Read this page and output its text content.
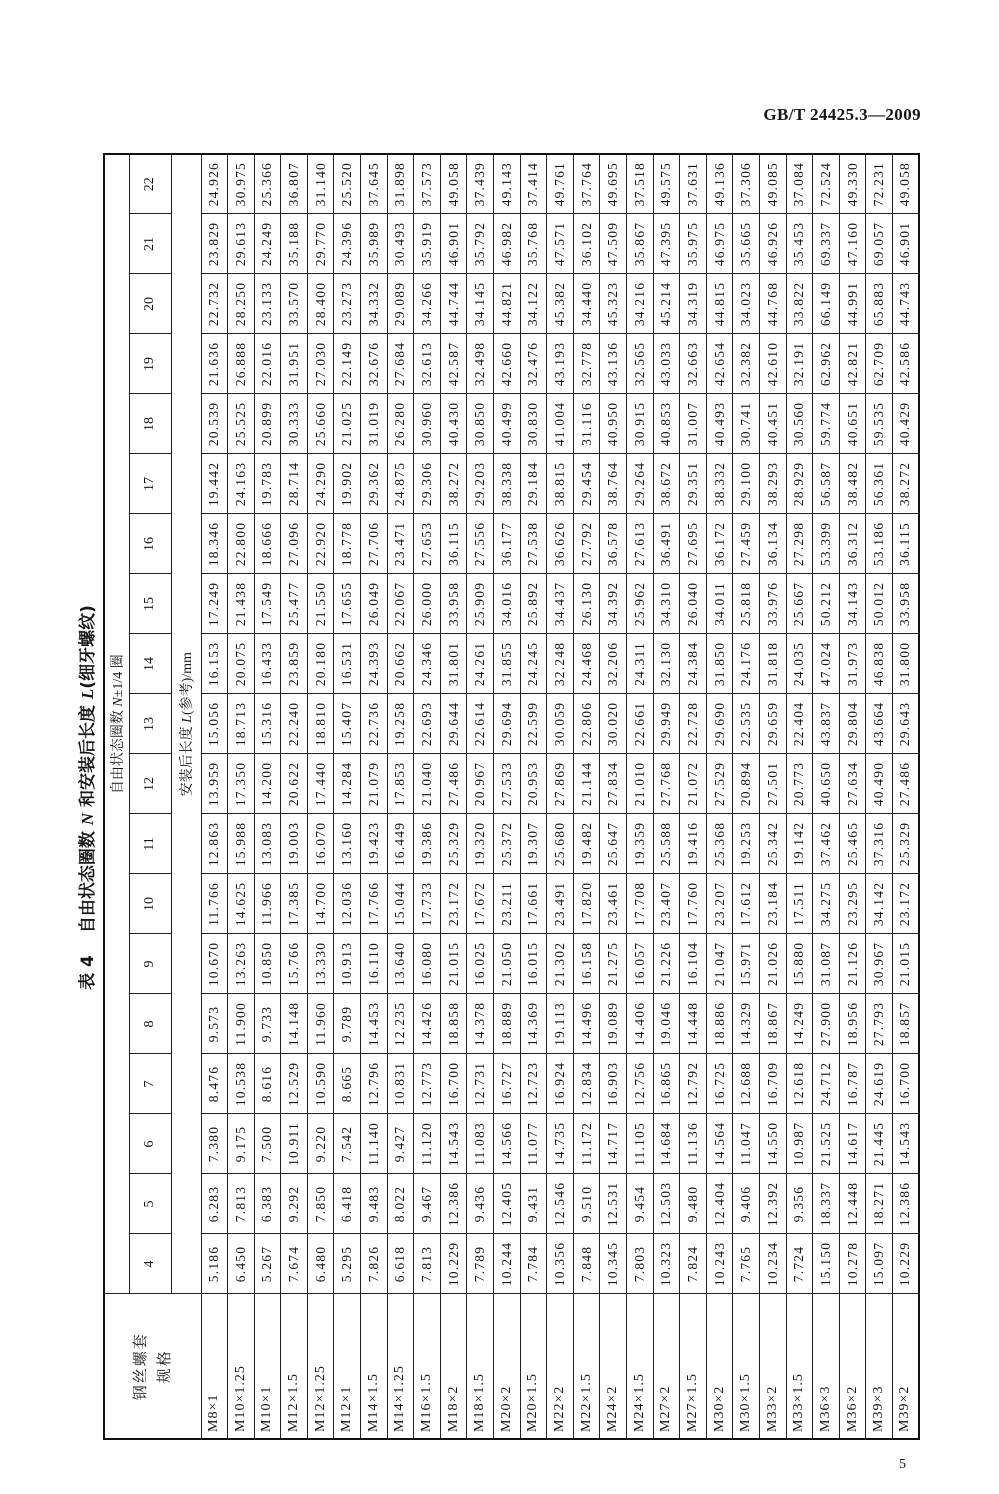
GB/T 24425.3—2009
表 4
自由状态圈数
N
和安装后长度
L
(细牙螺纹)
钢丝螺套 规格	自由状态圈数 N±1/4 圈																		
	4	5	6	7	8	9	10	11	12	13	14	15	16	17	18	19	20	21	22
	安装后长度 L(参考)/mm																		
M8×1	5.186	6.283	7.380	8.476	9.573	10.670	11.766	12.863	13.959	15.056	16.153	17.249	18.346	19.442	20.539	21.636	22.732	23.829	24.926
M10×1.25	6.450	7.813	9.175	10.538	11.900	13.263	14.625	15.988	17.350	18.713	20.075	21.438	22.800	24.163	25.525	26.888	28.250	29.613	30.975
M10×1	5.267	6.383	7.500	8.616	9.733	10.850	11.966	13.083	14.200	15.316	16.433	17.549	18.666	19.783	20.899	22.016	23.133	24.249	25.366
M12×1.5	7.674	9.292	10.911	12.529	14.148	15.766	17.385	19.003	20.622	22.240	23.859	25.477	27.096	28.714	30.333	31.951	33.570	35.188	36.807
M12×1.25	6.480	7.850	9.220	10.590	11.960	13.330	14.700	16.070	17.440	18.810	20.180	21.550	22.920	24.290	25.660	27.030	28.400	29.770	31.140
M12×1	5.295	6.418	7.542	8.665	9.789	10.913	12.036	13.160	14.284	15.407	16.531	17.655	18.778	19.902	21.025	22.149	23.273	24.396	25.520
M14×1.5	7.826	9.483	11.140	12.796	14.453	16.110	17.766	19.423	21.079	22.736	24.393	26.049	27.706	29.362	31.019	32.676	34.332	35.989	37.645
M14×1.25	6.618	8.022	9.427	10.831	12.235	13.640	15.044	16.449	17.853	19.258	20.662	22.067	23.471	24.875	26.280	27.684	29.089	30.493	31.898
M16×1.5	7.813	9.467	11.120	12.773	14.426	16.080	17.733	19.386	21.040	22.693	24.346	26.000	27.653	29.306	30.960	32.613	34.266	35.919	37.573
M18×2	10.229	12.386	14.543	16.700	18.858	21.015	23.172	25.329	27.486	29.644	31.801	33.958	36.115	38.272	40.430	42.587	44.744	46.901	49.058
M18×1.5	7.789	9.436	11.083	12.731	14.378	16.025	17.672	19.320	20.967	22.614	24.261	25.909	27.556	29.203	30.850	32.498	34.145	35.792	37.439
M20×2	10.244	12.405	14.566	16.727	18.889	21.050	23.211	25.372	27.533	29.694	31.855	34.016	36.177	38.338	40.499	42.660	44.821	46.982	49.143
M20×1.5	7.784	9.431	11.077	12.723	14.369	16.015	17.661	19.307	20.953	22.599	24.245	25.892	27.538	29.184	30.830	32.476	34.122	35.768	37.414
M22×2	10.356	12.546	14.735	16.924	19.113	21.302	23.491	25.680	27.869	30.059	32.248	34.437	36.626	38.815	41.004	43.193	45.382	47.571	49.761
M22×1.5	7.848	9.510	11.172	12.834	14.496	16.158	17.820	19.482	21.144	22.806	24.468	26.130	27.792	29.454	31.116	32.778	34.440	36.102	37.764
M24×2	10.345	12.531	14.717	16.903	19.089	21.275	23.461	25.647	27.834	30.020	32.206	34.392	36.578	38.764	40.950	43.136	45.323	47.509	49.695
M24×1.5	7.803	9.454	11.105	12.756	14.406	16.057	17.708	19.359	21.010	22.661	24.311	25.962	27.613	29.264	30.915	32.565	34.216	35.867	37.518
M27×2	10.323	12.503	14.684	16.865	19.046	21.226	23.407	25.588	27.768	29.949	32.130	34.310	36.491	38.672	40.853	43.033	45.214	47.395	49.575
M27×1.5	7.824	9.480	11.136	12.792	14.448	16.104	17.760	19.416	21.072	22.728	24.384	26.040	27.695	29.351	31.007	32.663	34.319	35.975	37.631
M30×2	10.243	12.404	14.564	16.725	18.886	21.047	23.207	25.368	27.529	29.690	31.850	34.011	36.172	38.332	40.493	42.654	44.815	46.975	49.136
M30×1.5	7.765	9.406	11.047	12.688	14.329	15.971	17.612	19.253	20.894	22.535	24.176	25.818	27.459	29.100	30.741	32.382	34.023	35.665	37.306
M33×2	10.234	12.392	14.550	16.709	18.867	21.026	23.184	25.342	27.501	29.659	31.818	33.976	36.134	38.293	40.451	42.610	44.768	46.926	49.085
M33×1.5	7.724	9.356	10.987	12.618	14.249	15.880	17.511	19.142	20.773	22.404	24.035	25.667	27.298	28.929	30.560	32.191	33.822	35.453	37.084
M36×3	15.150	18.337	21.525	24.712	27.900	31.087	34.275	37.462	40.650	43.837	47.024	50.212	53.399	56.587	59.774	62.962	66.149	69.337	72.524
M36×2	10.278	12.448	14.617	16.787	18.956	21.126	23.295	25.465	27.634	29.804	31.973	34.143	36.312	38.482	40.651	42.821	44.991	47.160	49.330
M39×3	15.097	18.271	21.445	24.619	27.793	30.967	34.142	37.316	40.490	43.664	46.838	50.012	53.186	56.361	59.535	62.709	65.883	69.057	72.231
M39×2	10.229	12.386	14.543	16.700	18.857	21.015	23.172	25.329	27.486	29.643	31.800	33.958	36.115	38.272	40.429	42.586	44.743	46.901	49.058
5
